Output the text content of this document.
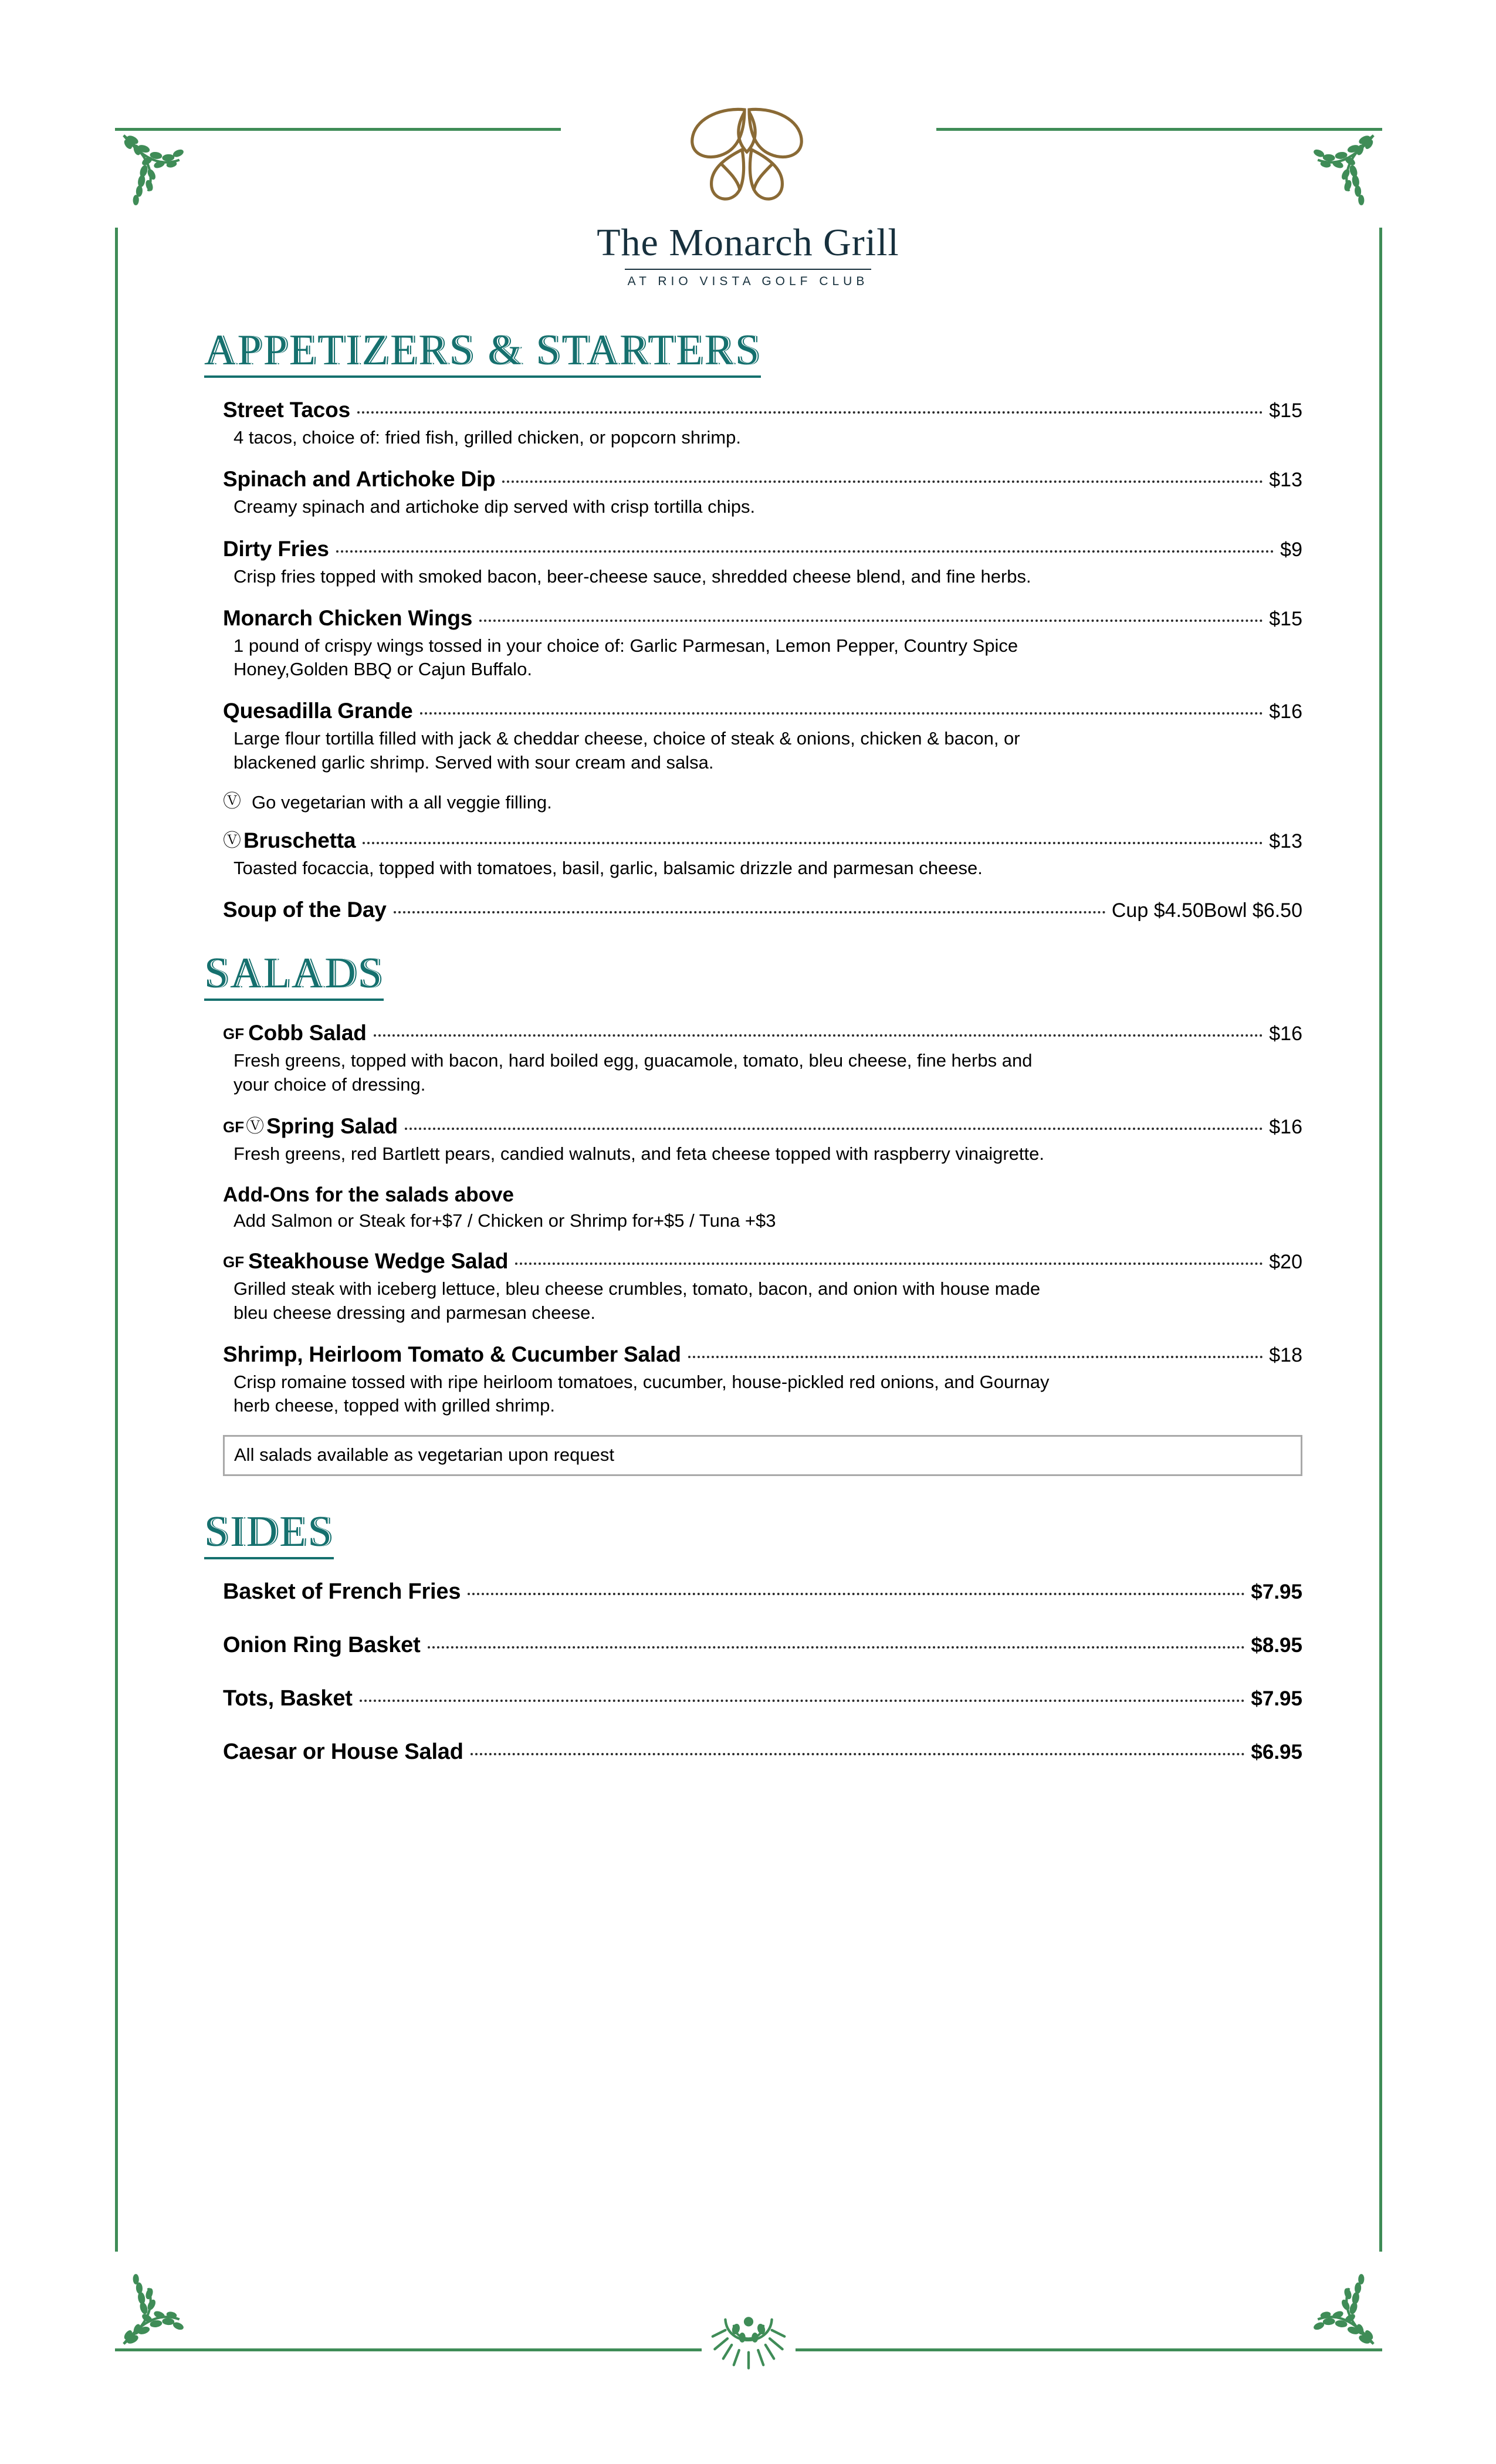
The Monarch Grill
AT RIO VISTA GOLF CLUB
APPETIZERS & STARTERS
Street Tacos	$15
4 tacos, choice of: fried fish, grilled chicken, or popcorn shrimp.
Spinach and Artichoke Dip	$13
Creamy spinach and artichoke dip served with crisp tortilla chips.
Dirty Fries	$9
Crisp fries topped with smoked bacon, beer-cheese sauce, shredded cheese blend, and fine herbs.
Monarch Chicken Wings	$15
1 pound of crispy wings tossed in your choice of: Garlic Parmesan, Lemon Pepper, Country Spice Honey,Golden BBQ or Cajun Buffalo.
Quesadilla Grande	$16
Large flour tortilla filled with jack & cheddar cheese, choice of steak & onions, chicken & bacon, or blackened garlic shrimp. Served with sour cream and salsa.
Ⓥ Go vegetarian with a all veggie filling.
Ⓥ Bruschetta	$13
Toasted focaccia, topped with tomatoes, basil, garlic, balsamic drizzle and parmesan cheese.
Soup of the Day	Cup $4.50Bowl $6.50
SALADS
GF Cobb Salad	$16
Fresh greens, topped with bacon, hard boiled egg, guacamole, tomato, bleu cheese, fine herbs and your choice of dressing.
GF Ⓥ Spring Salad	$16
Fresh greens, red Bartlett pears, candied walnuts, and feta cheese topped with raspberry vinaigrette.
Add-Ons for the salads above
Add Salmon or Steak for+$7 / Chicken or Shrimp for+$5 / Tuna +$3
GF Steakhouse Wedge Salad	$20
Grilled steak with iceberg lettuce, bleu cheese crumbles, tomato, bacon, and onion with house made bleu cheese dressing and parmesan cheese.
Shrimp, Heirloom Tomato & Cucumber Salad	$18
Crisp romaine tossed with ripe heirloom tomatoes, cucumber, house-pickled red onions, and Gournay herb cheese, topped with grilled shrimp.
All salads available as vegetarian upon request
SIDES
Basket of French Fries	$7.95
Onion Ring Basket	$8.95
Tots, Basket	$7.95
Caesar or House Salad	$6.95
